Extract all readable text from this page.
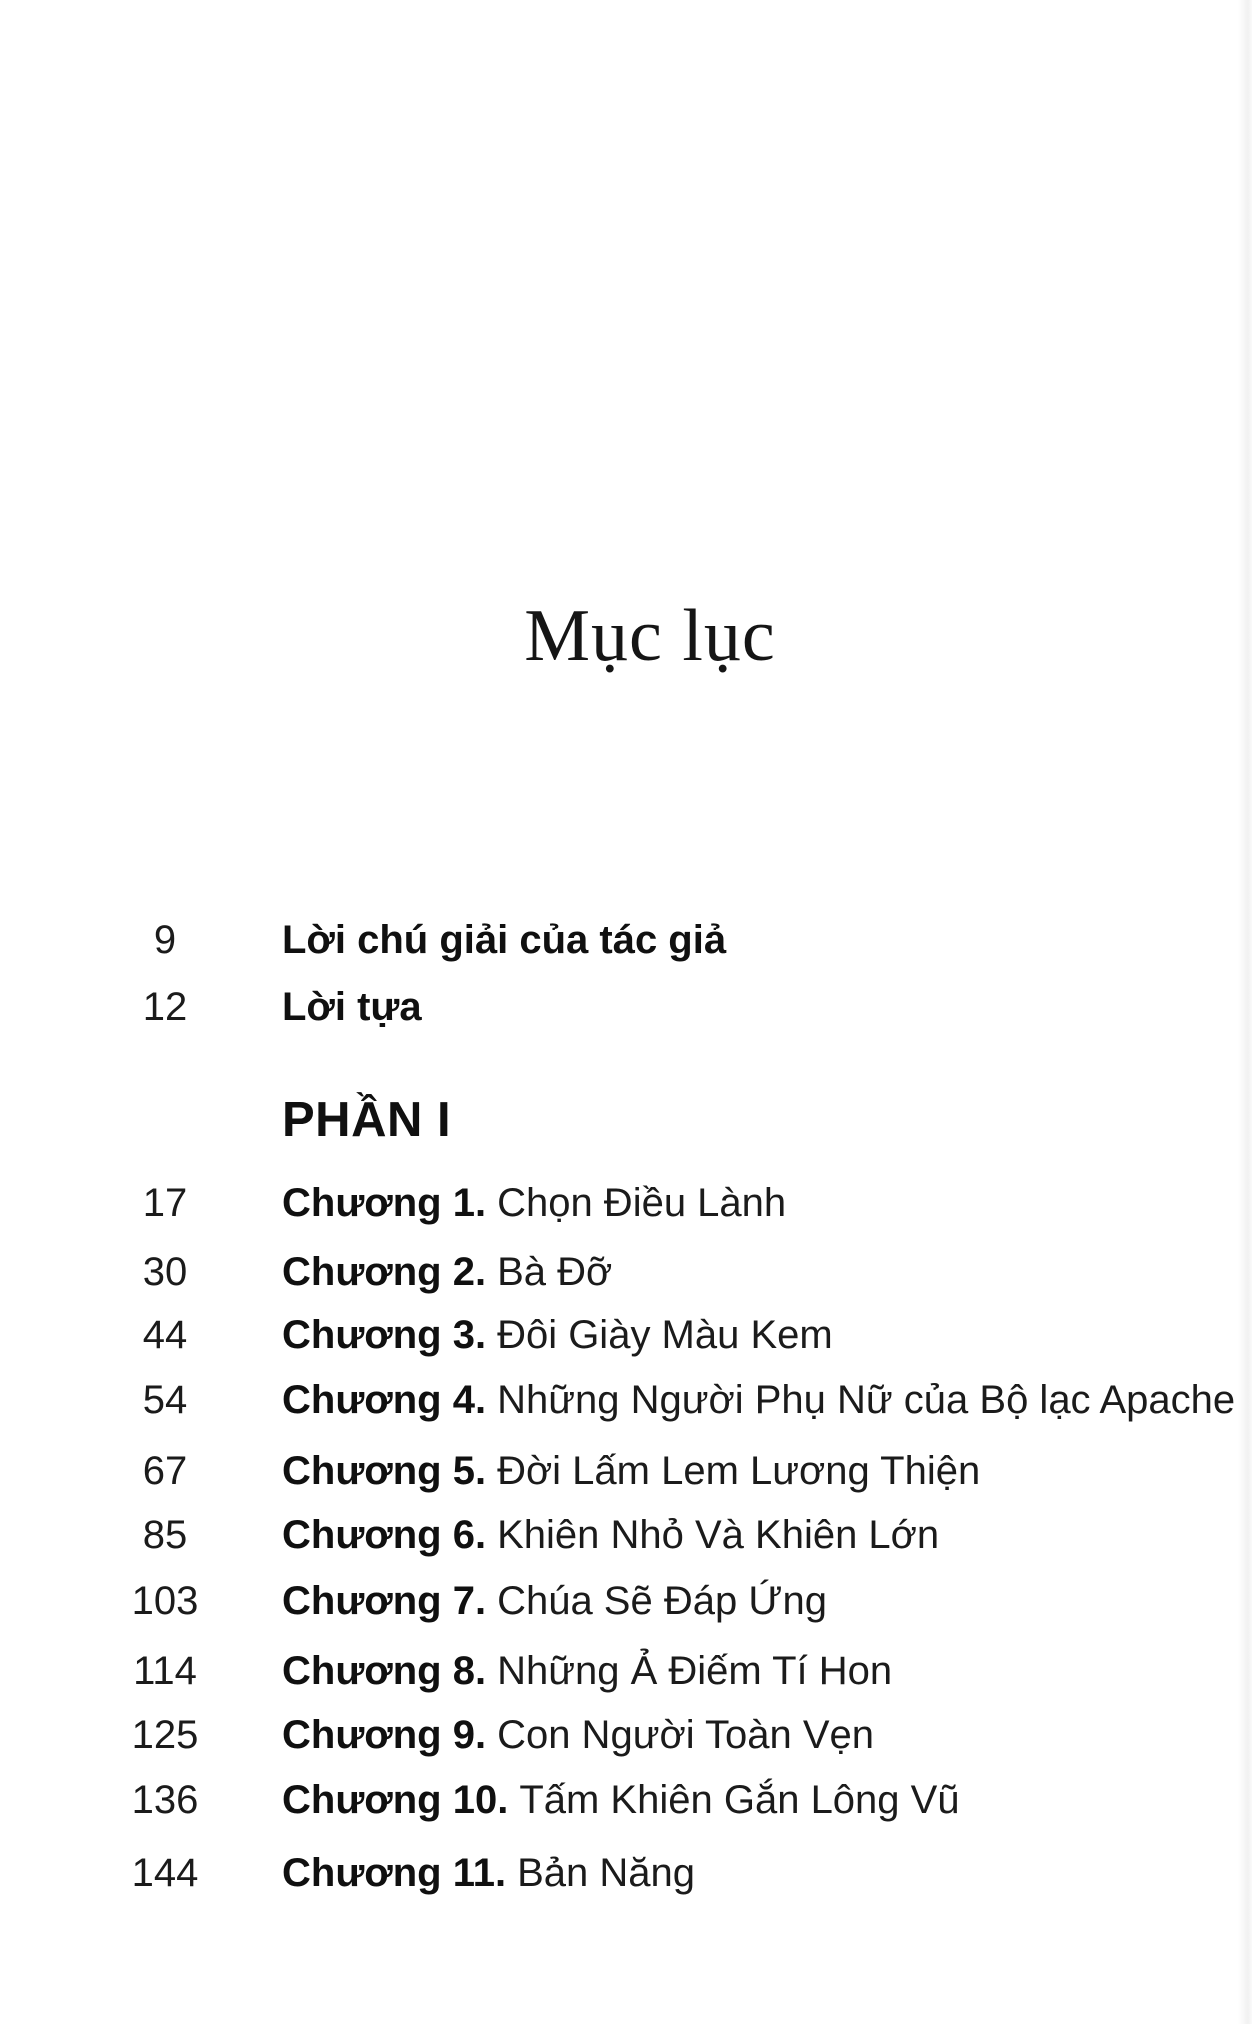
Mục lục
9	Lời chú giải của tác giả
12	Lời tựa
PHẦN I
17	Chương 1. Chọn Điều Lành
30	Chương 2. Bà Đỡ
44	Chương 3. Đôi Giày Màu Kem
54	Chương 4. Những Người Phụ Nữ của Bộ lạc Apache
67	Chương 5. Đời Lấm Lem Lương Thiện
85	Chương 6. Khiên Nhỏ Và Khiên Lớn
103	Chương 7. Chúa Sẽ Đáp Ứng
114	Chương 8. Những Ả Điếm Tí Hon
125	Chương 9. Con Người Toàn Vẹn
136	Chương 10. Tấm Khiên Gắn Lông Vũ
144	Chương 11. Bản Năng
